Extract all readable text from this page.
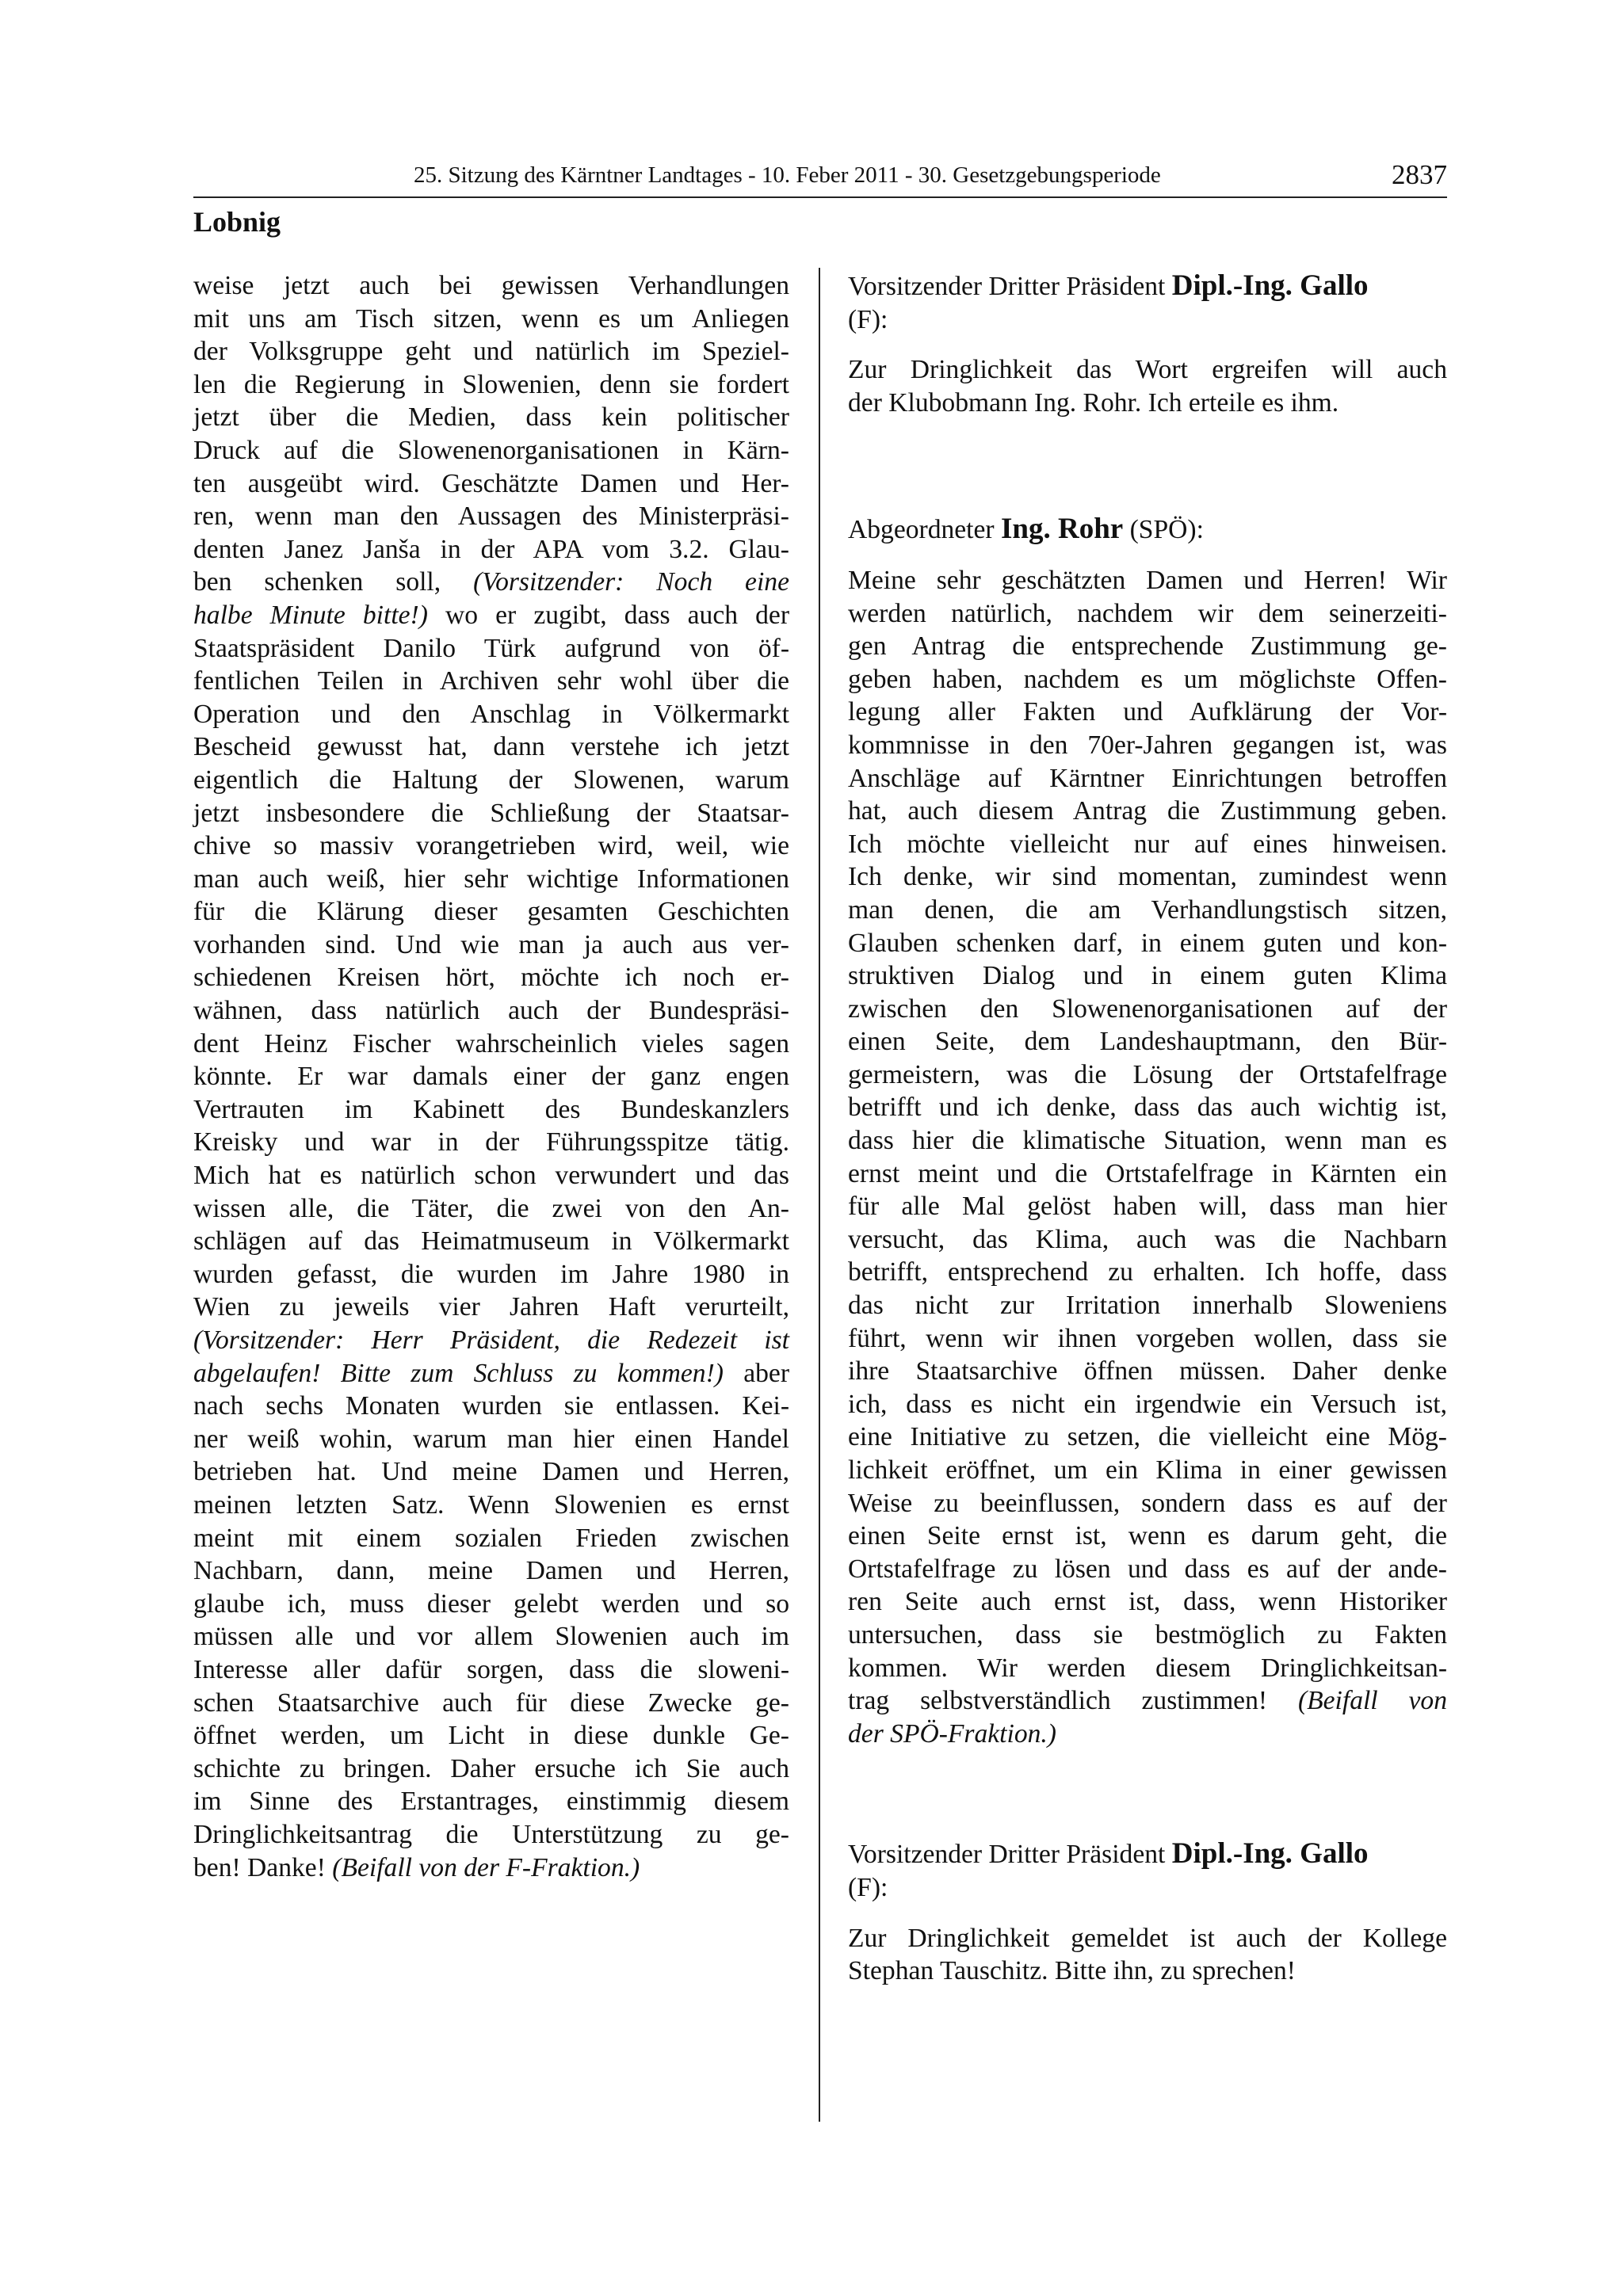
25. Sitzung des Kärntner Landtages - 10. Feber 2011 - 30. Gesetzgebungsperiode	2837
Lobnig

weise jetzt auch bei gewissen Verhandlungen
mit uns am Tisch sitzen, wenn es um Anliegen
der Volksgruppe geht und natürlich im Speziel-
len die Regierung in Slowenien, denn sie fordert
jetzt über die Medien, dass kein politischer
Druck auf die Slowenenorganisationen in Kärn-
ten ausgeübt wird. Geschätzte Damen und Her-
ren, wenn man den Aussagen des Ministerpräsi-
denten Janez Janša in der APA vom 3.2. Glau-
ben schenken soll, (Vorsitzender: Noch eine
halbe Minute bitte!) wo er zugibt, dass auch der
Staatspräsident Danilo Türk aufgrund von öf-
fentlichen Teilen in Archiven sehr wohl über die
Operation und den Anschlag in Völkermarkt
Bescheid gewusst hat, dann verstehe ich jetzt
eigentlich die Haltung der Slowenen, warum
jetzt insbesondere die Schließung der Staatsar-
chive so massiv vorangetrieben wird, weil, wie
man auch weiß, hier sehr wichtige Informationen
für die Klärung dieser gesamten Geschichten
vorhanden sind. Und wie man ja auch aus ver-
schiedenen Kreisen hört, möchte ich noch er-
wähnen, dass natürlich auch der Bundespräsi-
dent Heinz Fischer wahrscheinlich vieles sagen
könnte. Er war damals einer der ganz engen
Vertrauten im Kabinett des Bundeskanzlers
Kreisky und war in der Führungsspitze tätig.
Mich hat es natürlich schon verwundert und das
wissen alle, die Täter, die zwei von den An-
schlägen auf das Heimatmuseum in Völkermarkt
wurden gefasst, die wurden im Jahre 1980 in
Wien zu jeweils vier Jahren Haft verurteilt,
(Vorsitzender: Herr Präsident, die Redezeit ist
abgelaufen! Bitte zum Schluss zu kommen!) aber
nach sechs Monaten wurden sie entlassen. Kei-
ner weiß wohin, warum man hier einen Handel
betrieben hat. Und meine Damen und Herren,
meinen letzten Satz. Wenn Slowenien es ernst
meint mit einem sozialen Frieden zwischen
Nachbarn, dann, meine Damen und Herren,
glaube ich, muss dieser gelebt werden und so
müssen alle und vor allem Slowenien auch im
Interesse aller dafür sorgen, dass die sloweni-
schen Staatsarchive auch für diese Zwecke ge-
öffnet werden, um Licht in diese dunkle Ge-
schichte zu bringen. Daher ersuche ich Sie auch
im Sinne des Erstantrages, einstimmig diesem
Dringlichkeitsantrag die Unterstützung zu ge-
ben! Danke! (Beifall von der F-Fraktion.)

Vorsitzender Dritter Präsident Dipl.-Ing. Gallo
(F):

Zur Dringlichkeit das Wort ergreifen will auch
der Klubobmann Ing. Rohr. Ich erteile es ihm.

Abgeordneter Ing. Rohr (SPÖ):

Meine sehr geschätzten Damen und Herren! Wir
werden natürlich, nachdem wir dem seinerzeiti-
gen Antrag die entsprechende Zustimmung ge-
geben haben, nachdem es um möglichste Offen-
legung aller Fakten und Aufklärung der Vor-
kommnisse in den 70er-Jahren gegangen ist, was
Anschläge auf Kärntner Einrichtungen betroffen
hat, auch diesem Antrag die Zustimmung geben.
Ich möchte vielleicht nur auf eines hinweisen.
Ich denke, wir sind momentan, zumindest wenn
man denen, die am Verhandlungstisch sitzen,
Glauben schenken darf, in einem guten und kon-
struktiven Dialog und in einem guten Klima
zwischen den Slowenenorganisationen auf der
einen Seite, dem Landeshauptmann, den Bür-
germeistern, was die Lösung der Ortstafelfrage
betrifft und ich denke, dass das auch wichtig ist,
dass hier die klimatische Situation, wenn man es
ernst meint und die Ortstafelfrage in Kärnten ein
für alle Mal gelöst haben will, dass man hier
versucht, das Klima, auch was die Nachbarn
betrifft, entsprechend zu erhalten. Ich hoffe, dass
das nicht zur Irritation innerhalb Sloweniens
führt, wenn wir ihnen vorgeben wollen, dass sie
ihre Staatsarchive öffnen müssen. Daher denke
ich, dass es nicht ein irgendwie ein Versuch ist,
eine Initiative zu setzen, die vielleicht eine Mög-
lichkeit eröffnet, um ein Klima in einer gewissen
Weise zu beeinflussen, sondern dass es auf der
einen Seite ernst ist, wenn es darum geht, die
Ortstafelfrage zu lösen und dass es auf der ande-
ren Seite auch ernst ist, dass, wenn Historiker
untersuchen, dass sie bestmöglich zu Fakten
kommen. Wir werden diesem Dringlichkeitsan-
trag selbstverständlich zustimmen! (Beifall von
der SPÖ-Fraktion.)

Vorsitzender Dritter Präsident Dipl.-Ing. Gallo
(F):

Zur Dringlichkeit gemeldet ist auch der Kollege
Stephan Tauschitz. Bitte ihn, zu sprechen!
